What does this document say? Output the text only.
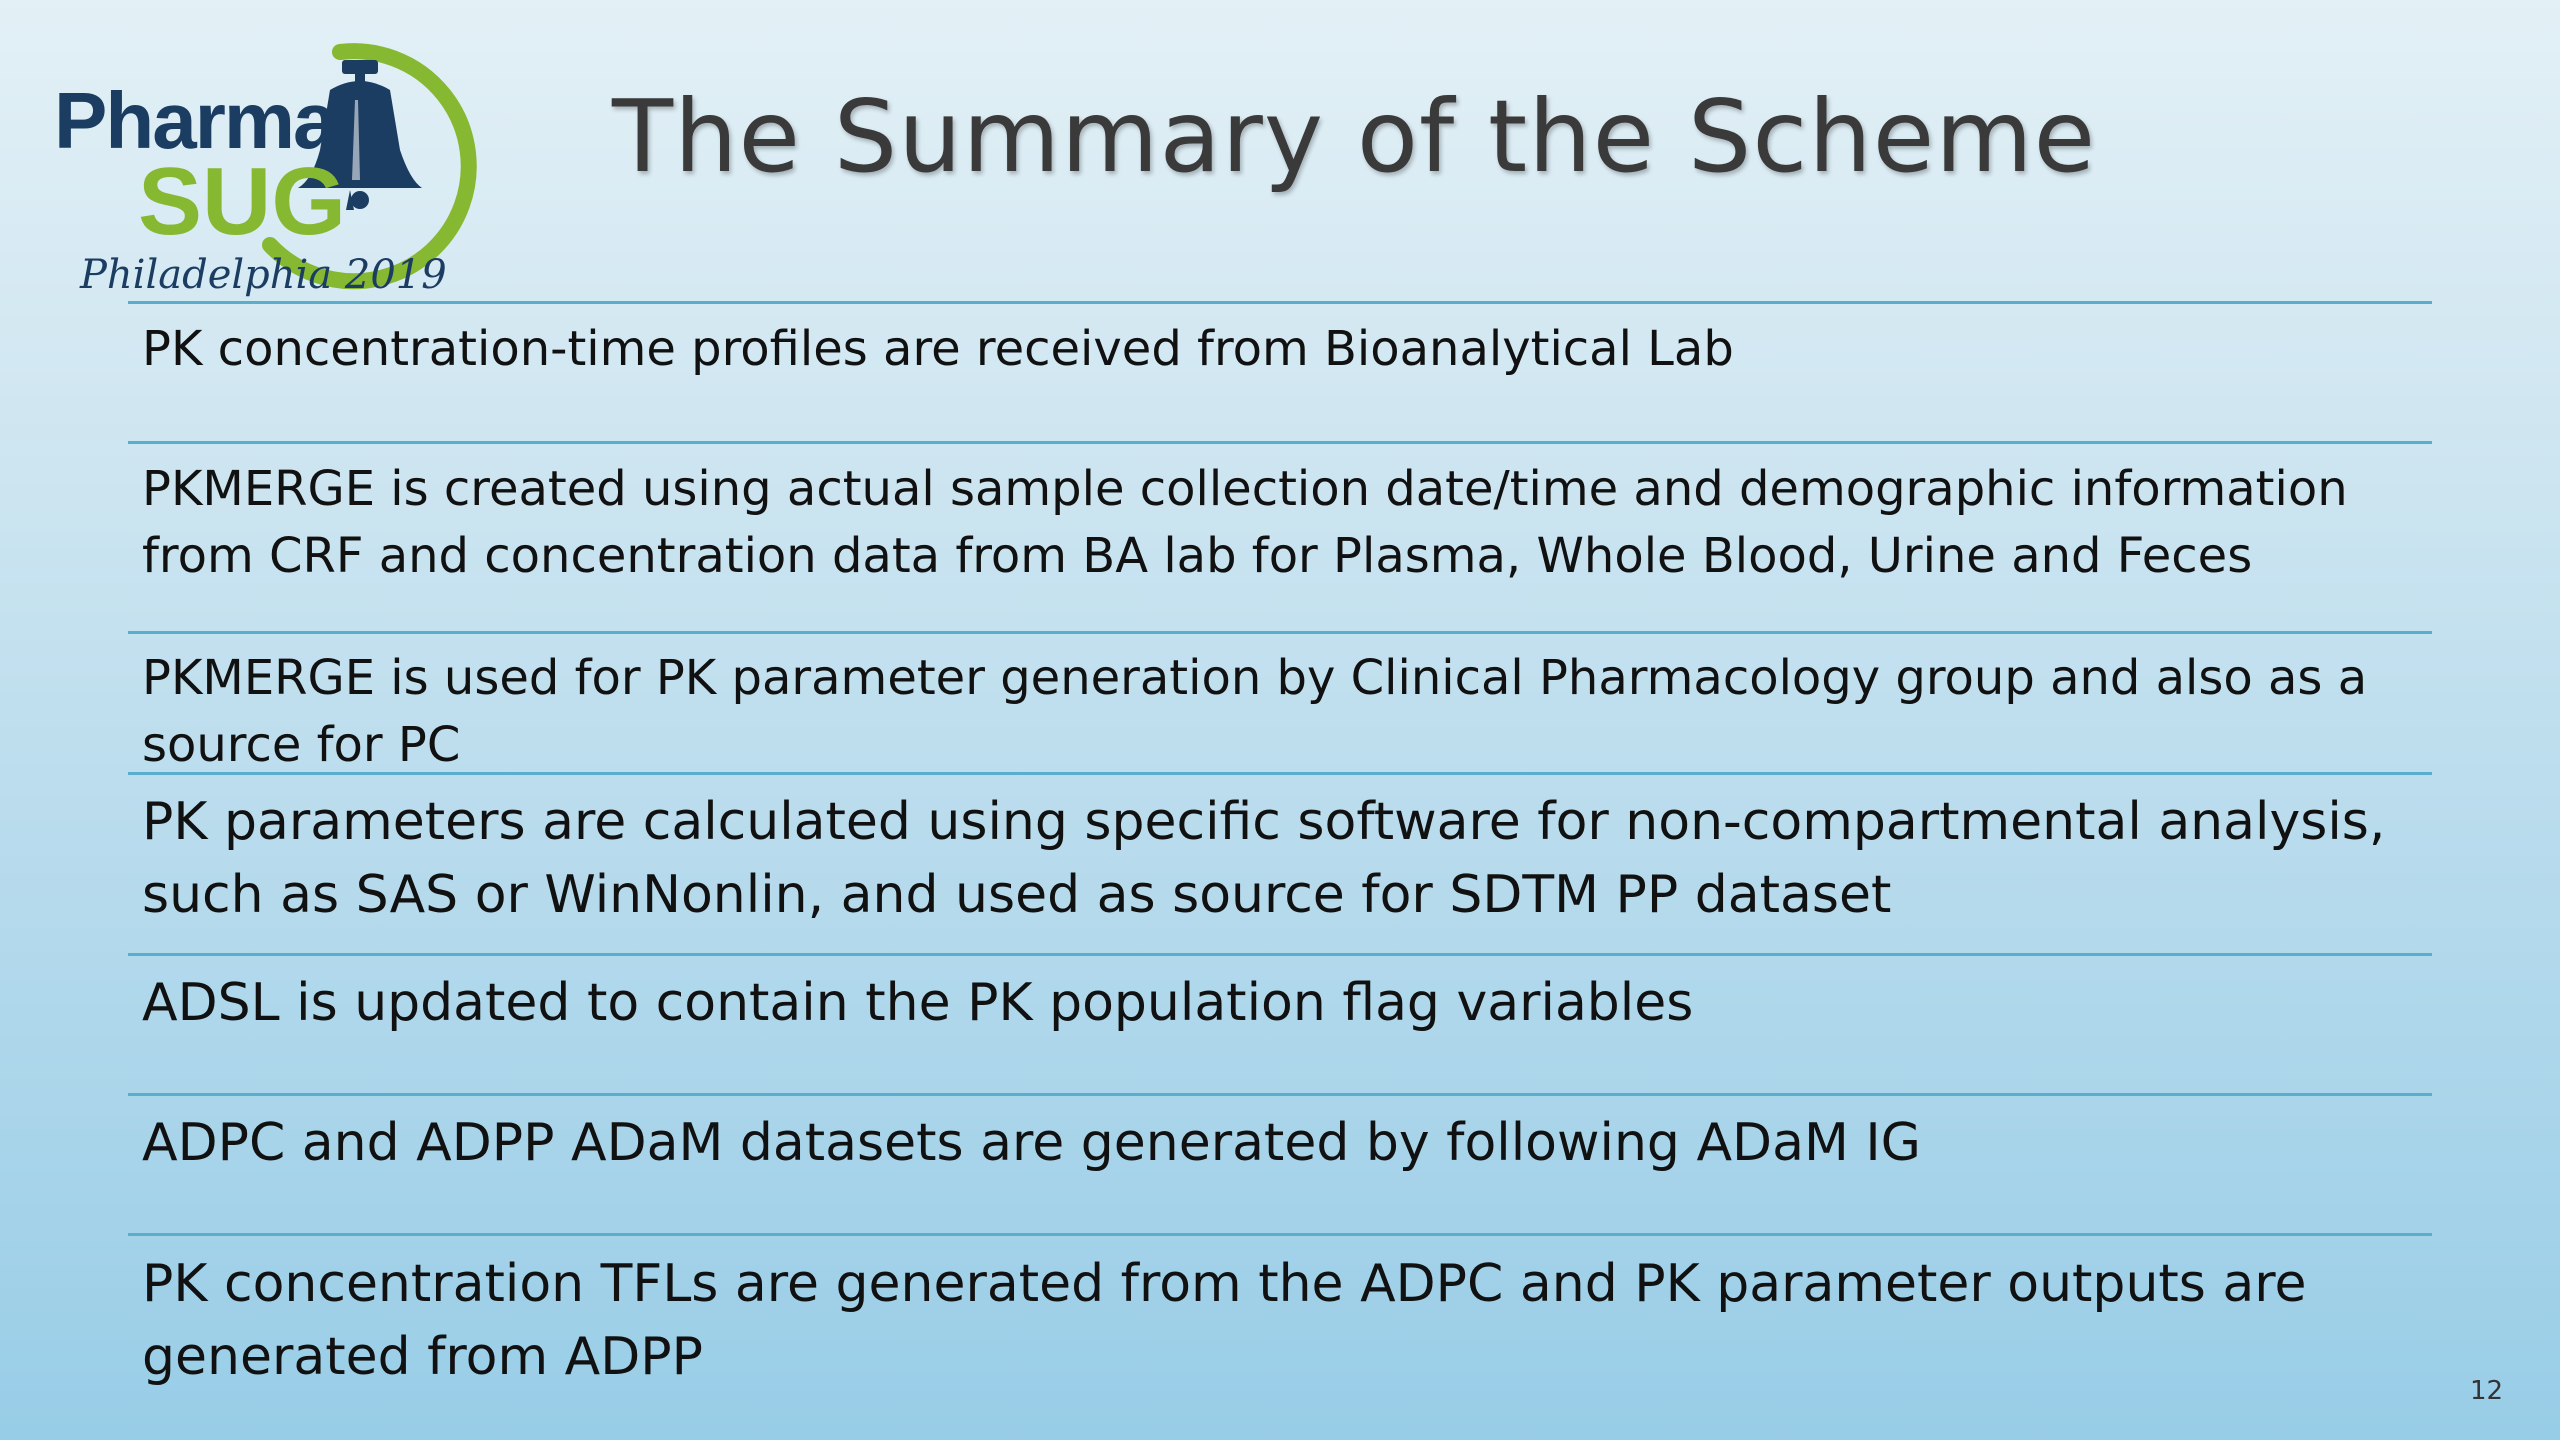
Pharma
SUG
Philadelphia 2019
The Summary of the Scheme

PK concentration-time profiles are received from Bioanalytical Lab

PKMERGE is created using actual sample collection date/time and demographic information from CRF and concentration data from BA lab for Plasma, Whole Blood, Urine and Feces

PKMERGE is used for PK parameter generation by Clinical Pharmacology group and also as a source for PC

PK parameters are calculated using specific software for non-compartmental analysis, such as SAS or WinNonlin, and used as source for SDTM PP dataset

ADSL is updated to contain the PK population flag variables

ADPC and ADPP ADaM datasets are generated by following ADaM IG

PK concentration TFLs are generated from the ADPC and PK parameter outputs are generated from ADPP

12
